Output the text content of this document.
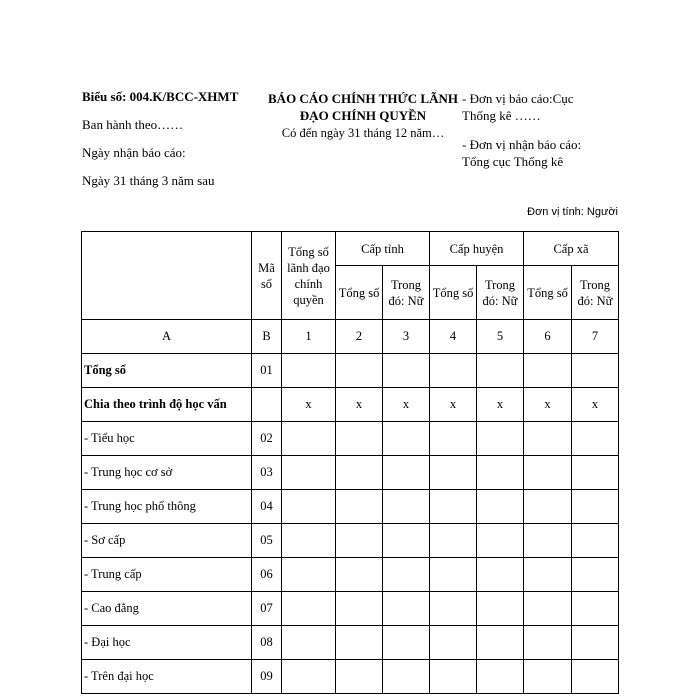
Biểu số: 004.K/BCC-XHMT
Ban hành theo……
Ngày nhận báo cáo:
Ngày 31 tháng 3 năm sau
BÁO CÁO CHÍNH THỨC LÃNH
ĐẠO CHÍNH QUYỀN
Có đến ngày 31 tháng 12 năm…
- Đơn vị báo cáo:Cục
Thống kê ……
- Đơn vị nhận báo cáo:
Tổng cục Thống kê
Đơn vị tính: Người
	Mã số	Tổng số lãnh đạo chính quyền	Cấp tỉnh		Cấp huyện		Cấp xã	
			Tổng số	Trong đó: Nữ	Tổng số	Trong đó: Nữ	Tổng số	Trong đó: Nữ
A	B	1	2	3	4	5	6	7
Tổng số	01							
Chia theo trình độ học vấn		x	x	x	x	x	x	x
- Tiểu học	02							
- Trung học cơ sở	03							
- Trung học phổ thông	04							
- Sơ cấp	05							
- Trung cấp	06							
- Cao đẳng	07							
- Đại học	08							
- Trên đại học	09							
